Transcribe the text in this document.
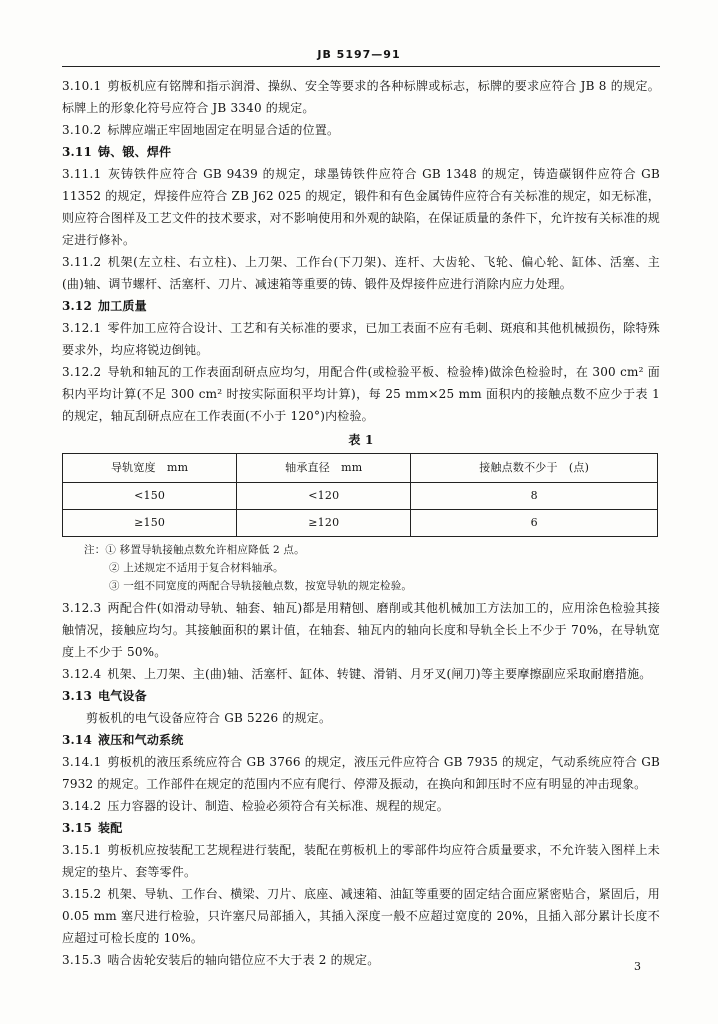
JB 5197—91

3.10.1 剪板机应有铭牌和指示润滑、操纵、安全等要求的各种标牌或标志，标牌的要求应符合 JB 8 的规定。标牌上的形象化符号应符合 JB 3340 的规定。

3.10.2 标牌应端正牢固地固定在明显合适的位置。

3.11 铸、锻、焊件

3.11.1 灰铸铁件应符合 GB 9439 的规定，球墨铸铁件应符合 GB 1348 的规定，铸造碳钢件应符合 GB 11352 的规定，焊接件应符合 ZB J62 025 的规定，锻件和有色金属铸件应符合有关标准的规定，如无标准，则应符合图样及工艺文件的技术要求，对不影响使用和外观的缺陷，在保证质量的条件下，允许按有关标准的规定进行修补。

3.11.2 机架(左立柱、右立柱)、上刀架、工作台(下刀架)、连杆、大齿轮、飞轮、偏心轮、缸体、活塞、主(曲)轴、调节螺杆、活塞杆、刀片、减速箱等重要的铸、锻件及焊接件应进行消除内应力处理。

3.12 加工质量

3.12.1 零件加工应符合设计、工艺和有关标准的要求，已加工表面不应有毛刺、斑痕和其他机械损伤，除特殊要求外，均应将锐边倒钝。

3.12.2 导轨和轴瓦的工作表面刮研点应均匀，用配合件(或检验平板、检验棒)做涂色检验时，在 300 cm² 面积内平均计算(不足 300 cm² 时按实际面积平均计算)，每 25 mm×25 mm 面积内的接触点数不应少于表 1 的规定，轴瓦刮研点应在工作表面(不小于 120°)内检验。

表 1
导轨宽度　mm	轴承直径　mm	接触点数不少于　(点)
<150	<120	8
≥150	≥120	6
注：① 移置导轨接触点数允许相应降低 2 点。
② 上述规定不适用于复合材料轴承。
③ 一组不同宽度的两配合导轨接触点数，按宽导轨的规定检验。

3.12.3 两配合件(如滑动导轨、轴套、轴瓦)都是用精刨、磨削或其他机械加工方法加工的，应用涂色检验其接触情况，接触应均匀。其接触面积的累计值，在轴套、轴瓦内的轴向长度和导轨全长上不少于 70%，在导轨宽度上不少于 50%。

3.12.4 机架、上刀架、主(曲)轴、活塞杆、缸体、转键、滑销、月牙叉(闸刀)等主要摩擦副应采取耐磨措施。

3.13 电气设备

剪板机的电气设备应符合 GB 5226 的规定。

3.14 液压和气动系统

3.14.1 剪板机的液压系统应符合 GB 3766 的规定，液压元件应符合 GB 7935 的规定，气动系统应符合 GB 7932 的规定。工作部件在规定的范围内不应有爬行、停滞及振动，在换向和卸压时不应有明显的冲击现象。

3.14.2 压力容器的设计、制造、检验必须符合有关标准、规程的规定。

3.15 装配

3.15.1 剪板机应按装配工艺规程进行装配，装配在剪板机上的零部件均应符合质量要求，不允许装入图样上未规定的垫片、套等零件。

3.15.2 机架、导轨、工作台、横梁、刀片、底座、减速箱、油缸等重要的固定结合面应紧密贴合，紧固后，用 0.05 mm 塞尺进行检验，只许塞尺局部插入，其插入深度一般不应超过宽度的 20%，且插入部分累计长度不应超过可检长度的 10%。

3.15.3 啮合齿轮安装后的轴向错位应不大于表 2 的规定。	3
